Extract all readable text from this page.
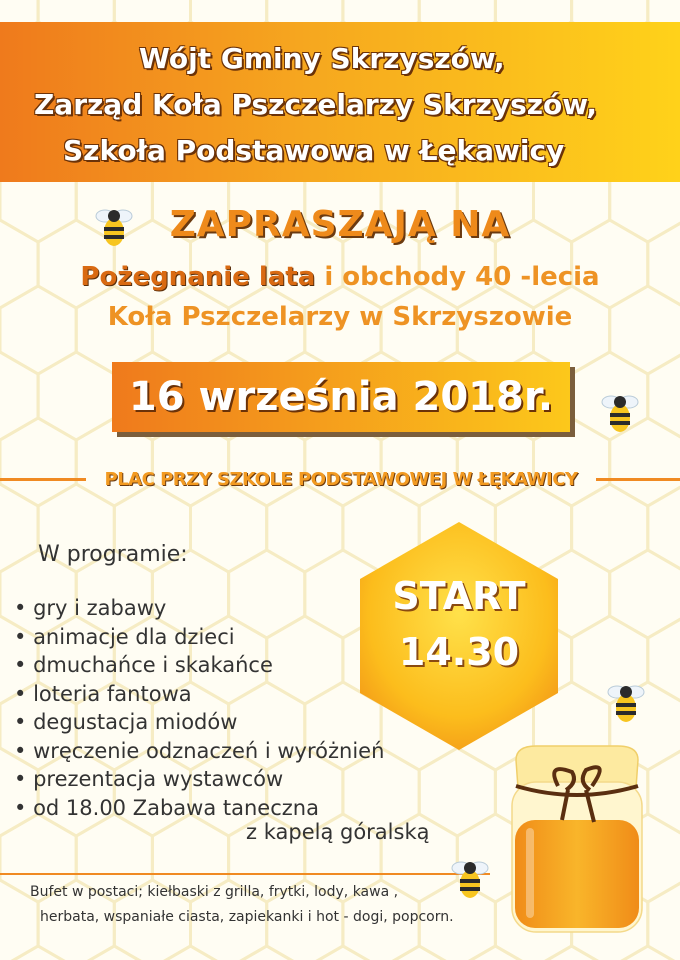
Wójt Gminy Skrzyszów,
Zarząd Koła Pszczelarzy Skrzyszów,
Szkoła Podstawowa w Łękawicy
ZAPRASZAJĄ NA
Pożegnanie lata i obchody 40 -lecia
Koła Pszczelarzy w Skrzyszowie
16 września 2018r.
PLAC PRZY SZKOLE PODSTAWOWEJ W ŁĘKAWICY
W programie:
• gry i zabawy
• animacje dla dzieci
• dmuchańce i skakańce
• loteria fantowa
• degustacja miodów
• wręczenie odznaczeń i wyróżnień
• prezentacja wystawców
• od 18.00 Zabawa taneczna
z kapelą góralską
START
14.30
Bufet w postaci; kiełbaski z grilla, frytki, lody, kawa ,
herbata, wspaniałe ciasta, zapiekanki i hot - dogi, popcorn.
